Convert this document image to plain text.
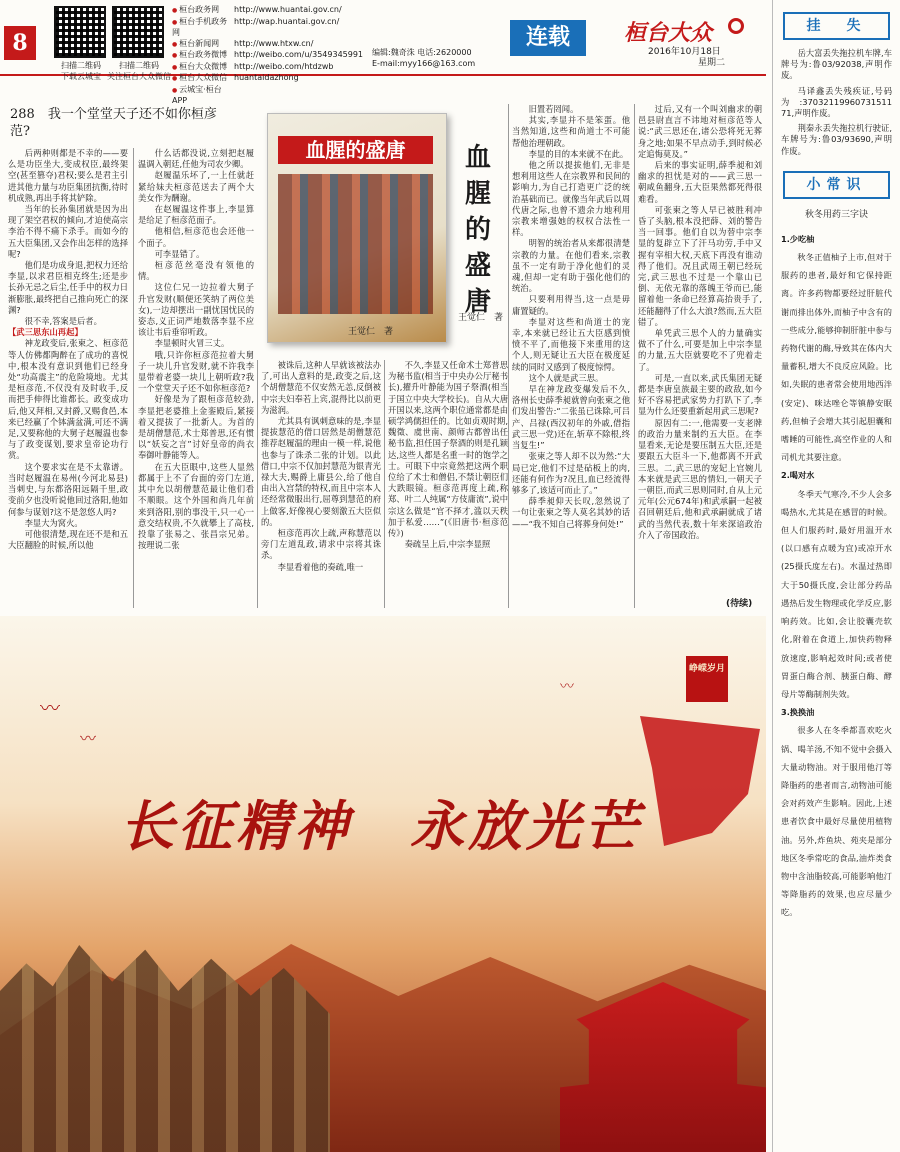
8
扫描二维码
下载云城宝
扫描二维码
关注桓台大众微信
● 桓台政务网	http://www.huantai.gov.cn/
● 桓台手机政务网
http://wap.huantai.gov.cn/
● 桓台新闻网	http://www.htxw.cn/
● 桓台政务微博 http://weibo.com/u/3549345991
● 桓台大众微博 http://weibo.com/htdzwb
● 桓台大众微信 huantaidazhong
● 云城宝·桓台APP
连载	桓台大众
编辑:魏奇洙 电话:2620000
E-mail:myy166@163.com
2016年10月18日
星期二
288　我一个堂堂天子还不如你桓彦范?
血腥的盛唐
王觉仁　著
血腥的盛唐
王觉仁　著

后两种则都是不幸的——要么是功臣坐大,变成权臣,最终架空(甚至篡夺)君权;要么是君主引进其他力量与功臣集团抗衡,待时机成熟,再出手将其铲除。

当年的长孙集团就是因为出现了架空君权的倾向,才迫使高宗李治不得不痛下杀手。而如今的五大臣集团,又会作出怎样的选择呢?

他们是功成身退,把权力还给李显,以求君臣相克终生;还是步长孙无忌之后尘,任手中的权力日渐膨胀,最终把自己推向死亡的深渊?

很不幸,答案是后者。

【武三思东山再起】

神龙政变后,张柬之、桓彦范等人仿佛都陶醉在了成功的喜悦中,根本没有意识到他们已经身处“功高震主”的危险境地。尤其是桓彦范,不仅没有及时收手,反而把手伸得比谁都长。政变成功后,他又拜相,又封爵,又赐食邑,本来已经赢了个钵满盆满,可还不满足,又要称他的大舅子赵履温也参与了政变谋划,要求皇帝论功行赏。

这个要求实在是不太靠谱。当时赵履温在易州(今河北易县)当刺史,与东都洛阳远隔千里,政变前夕也没听说他回过洛阳,他如何参与谋划?这不是忽悠人吗?

李显大为窝火。

可他很清楚,现在还不是和五大臣翻脸的时候,所以他

什么话都没说,立刻把赵履温调入朝廷,任他为司农少卿。

赵履温乐坏了,一上任就赶紧给妹夫桓彦范送去了两个大美女作为酬谢。

在赵履温这件事上,李显算是给足了桓彦范面子。

他相信,桓彦范也会还他一个面子。

可李显错了。

桓彦范丝毫没有领他的情。

这位仁兄一边拉着大舅子升官发财(顺便还笑纳了两位美女),一边却摆出一副忧国忧民的姿态,义正词严地数落李显不应该让韦后垂帘听政。

李显顿时火冒三丈。

哦,只许你桓彦范拉着大舅子一块儿升官发财,就不许我李显带着老婆一块儿上朝听政?我一个堂堂天子还不如你桓彦范?

好像是为了跟桓彦范较劲,李显把老婆推上金銮殿后,紧接着又提拔了一批新人。为首的是胡僧慧范,术士郑普思,还有惯以“妖妄之言”讨好皇帝的尚衣奉御叶静能等人。

在五大臣眼中,这些人显然都属于上不了台面的旁门左道,其中允以胡僧慧范最让他们看不顺眼。这个外国和尚几年前来到洛阳,别的事没干,只一心一意交结权贵,不久就攀上了高枝,投靠了张易之、张昌宗兄弟。按理说二张

被诛后,这种人早就该被法办了,可出人意料的是,政变之后,这个胡僧慧范不仅安然无恙,反倒被中宗夫妇奉若上宾,混得比以前更为滋润。

尤其具有讽刺意味的是,李显提拔慧范的借口居然是胡僧慧范推荐赵履温的理由一模一样,说他也参与了诛杀二张的计划。以此借口,中宗不仅加封慧范为银青光禄大夫,赐爵上庸县公,给了他自由出入宫禁的特权,而且中宗本人还经常微服出行,屈尊到慧范的府上做客,好像视心要刻激五大臣似的。

桓彦范再次上疏,声称慧范以旁门左道乱政,请求中宗将其诛杀。

李显看着他的奏疏,唯一

不久,李显又任命术士郑普思为秘书监(相当于中央办公厅秘书长),擢升叶静能为国子祭酒(相当于国立中央大学校长)。自从大唐开国以来,这两个职位通常都是由硕学鸿儒担任的。比如贞观时期,魏徵、虞世南、颜师古都曾出任秘书监,担任国子祭酒的则是孔颖达,这些人都是名重一时的饱学之士。可眼下中宗竟然把这两个职位给了术士和僧侣,不禁让朝臣们大跌眼镜。桓彦范再度上疏,称郑、叶二人纯属“方伎庸流”,说中宗这么做是“官不择才,滥以天秩加于私爱……”(《旧唐书·桓彦范传》)

奏疏呈上后,中宗李显照

旧置若罔闻。

其实,李显并不是笨蛋。他当然知道,这些和尚道士不可能帮他治理朝政。

李显的目的本来就不在此。

他之所以提拔他们,无非是想利用这些人在宗教界和民间的影响力,为自己打造更广泛的统治基础而已。就像当年武后以周代唐之际,也曾不遗余力地利用宗教来增强她的权权合法性一样。

明智的统治者从来都很清楚宗教的力量。在他们看来,宗教虽不一定有助于净化他们的灵魂,但却一定有助于强化他们的统治。

只要利用得当,这一点是毋庸置疑的。

李显对这些和尚道士的宠幸,本来就已经让五大臣感到愤愤不平了,而他接下来重用的这个人,则无疑让五大臣在极度延续的同时又感到了极度惊愕。

这个人就是武三思。

早在神龙政变爆发后不久,洛州长史薛季昶就曾向张柬之他们发出警告:“二张虽已诛除,可吕产、吕禄(西汉初年的外戚,借指武三思一党)还在,斩草不除根,终当复生!”

张柬之等人却不以为然:“大局已定,他们不过是砧板上的肉,还能有何作为?况且,血已经流得够多了,该适可而止了。”

薛季昶仰天长叹,忽然说了一句让张柬之等人莫名其妙的话——“我不知自己将葬身何处!”

过后,又有一个叫刘幽求的朝邑县尉直言不讳地对桓彦范等人说:“武三思还在,诸公恐将死无葬身之地;如果不早点动手,到时候必定追悔莫及。”

后来的事实证明,薛季昶和刘幽求的担忧是对的——武三思一朝咸鱼翻身,五大臣果然都死得很难看。

可张柬之等人早已被胜利冲昏了头脑,根本没把薛、刘的警告当一回事。他们自以为替中宗李显的复辟立下了汗马功劳,手中又握有宰相大权,天底下再没有谁动得了他们。况且武周王朝已经玩完,武三思也不过是一个靠山已倒、无依无靠的落魄王爷而已,能留着他一条命已经算高抬贵手了,还能翻得了什么大浪?然而,五大臣错了。

单凭武三思个人的力量确实做不了什么,可要是加上中宗李显的力量,五大臣就要吃不了兜着走了。

可是,一直以来,武氏集团无疑都是李唐皇族最主要的政敌,如今好不容易把武家势力打趴下了,李显为什么还要重新起用武三思呢?

原因有二:一,他需要一支老牌的政治力量来制约五大臣。在李显看来,无论是要压制五大臣,还是要跟五大臣斗一下,他都离不开武三思。二,武三思的宠妃上官婉儿本来就是武三思的情妇,一朝天子一朝臣,而武三思则同时,自从上元元年(公元674年)和武承嗣一起被召回朝廷后,他和武承嗣就成了诸武的当然代表,数十年来深谙政治介入了帝国政治。

(待续)
〰
〰
〰
长征精神　永放光芒
峥嵘岁月
挂　失

岳大富丢失拖拉机车牌,车牌号为:鲁03/92038,声明作废。

马译鑫丢失残疾证,号码为:37032119960731511 71,声明作废。

荆秦永丢失拖拉机行驶证,车牌号为:鲁03/93690,声明作废。

小常识
秋冬用药三字诀

1.少吃柚

秋冬正值柚子上市,但对于服药的患者,最好和它保持距离。许多药物都要经过肝脏代谢而排出体外,而柚子中含有的一些成分,能够抑制肝脏中参与药物代谢的酶,导致其在体内大量蓄积,增大不良反应风险。比如,失眠的患者常会使用地西泮(安定)、咪达唑仑等镇静安眠药,但柚子会增大其引起胆囊和嗜睡的可能性,高空作业的人和司机尤其要注意。

2.喝对水

冬季天气寒冷,不少人会多喝热水,尤其是在感冒的时候。但人们服药时,最好用温开水(以口感有点暖为宜)或凉开水(25摄氏度左右)。水温过热即大于50摄氏度,会让部分药品遇热后发生物理或化学反应,影响药效。比如,会让胶囊壳软化,附着在食道上,加快药物释放速度,影响起效时间;或者使胃蛋白酶合剂、胰蛋白酶、酵母片等酶制剂失效。

3.换换油

很多人在冬季都喜欢吃火锅、喝羊汤,不知不觉中会摄入大量动物油。对于服用他汀等降脂药的患者而言,动物油可能会对药效产生影响。因此,上述患者饮食中最好尽量使用植物油。另外,炸鱼块、苑夹是部分地区冬季常吃的食品,油炸类食物中含油脂较高,可能影响他汀等降脂药的效果,也应尽量少吃。
